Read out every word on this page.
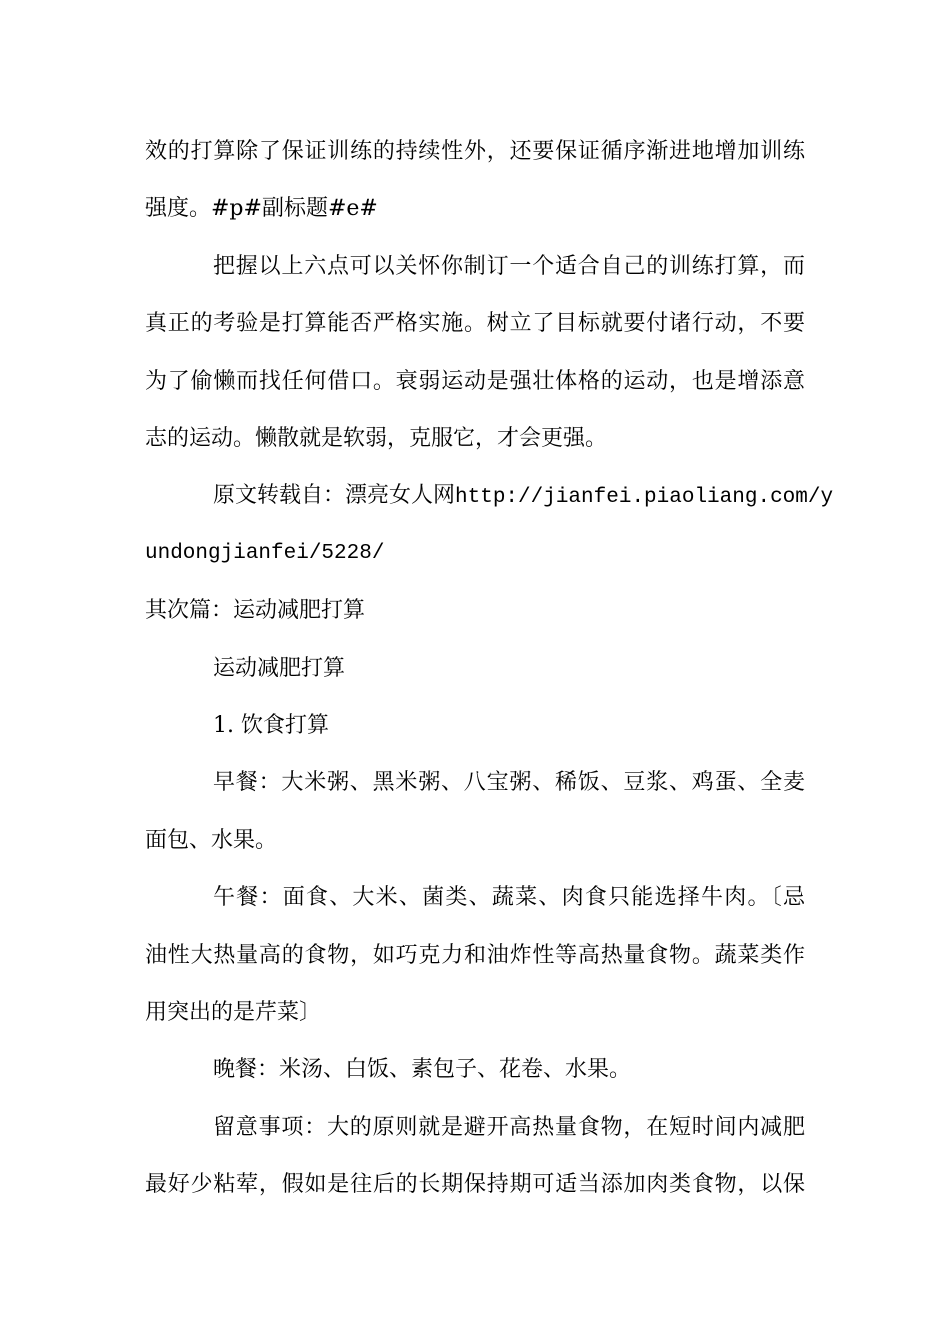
效的打算除了保证训练的持续性外，还要保证循序渐进地增加训练
强度。#p#副标题#e#
把握以上六点可以关怀你制订一个适合自己的训练打算，而
真正的考验是打算能否严格实施。树立了目标就要付诸行动，不要
为了偷懒而找任何借口。衰弱运动是强壮体格的运动，也是增添意
志的运动。懒散就是软弱，克服它，才会更强。
原文转载自：漂亮女人网http://jianfei.piaoliang.com/y
undongjianfei/5228/
其次篇：运动减肥打算
运动减肥打算
1. 饮食打算
早餐：大米粥、黑米粥、八宝粥、稀饭、豆浆、鸡蛋、全麦
面包、水果。
午餐：面食、大米、菌类、蔬菜、肉食只能选择牛肉。〔忌
油性大热量高的食物，如巧克力和油炸性等高热量食物。蔬菜类作
用突出的是芹菜〕
晚餐：米汤、白饭、素包子、花卷、水果。
留意事项：大的原则就是避开高热量食物，在短时间内减肥
最好少粘荤，假如是往后的长期保持期可适当添加肉类食物，以保
